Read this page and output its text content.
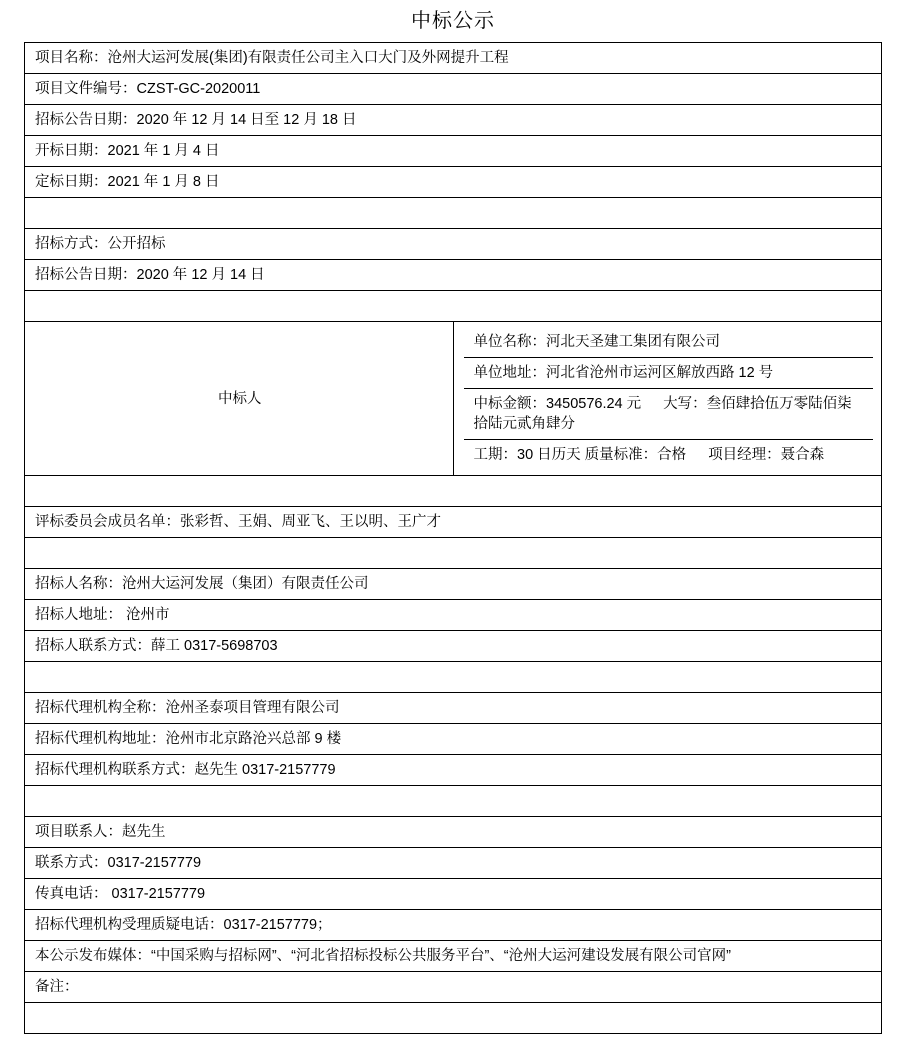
中标公示
项目名称：沧州大运河发展(集团)有限责任公司主入口大门及外网提升工程
项目文件编号：CZST-GC-2020011
招标公告日期：2020 年 12 月 14 日至 12 月 18 日
开标日期：2021 年 1 月 4 日
定标日期：2021 年 1 月 8 日

招标方式：公开招标
招标公告日期：2020 年 12 月 14 日

中标人	
单位名称：河北天圣建工集团有限公司
单位地址：河北省沧州市运河区解放西路 12 号
中标金额：3450576.24 元 大写：叁佰肆拾伍万零陆佰柒拾陆元贰角肆分
工期：30 日历天 质量标准：合格 项目经理：聂合森

评标委员会成员名单：张彩哲、王娟、周亚飞、王以明、王广才

招标人名称：沧州大运河发展（集团）有限责任公司
招标人地址： 沧州市
招标人联系方式：薛工 0317-5698703

招标代理机构全称：沧州圣泰项目管理有限公司
招标代理机构地址：沧州市北京路沧兴总部 9 楼
招标代理机构联系方式：赵先生 0317-2157779

项目联系人：赵先生
联系方式：0317-2157779
传真电话： 0317-2157779
招标代理机构受理质疑电话：0317-2157779；
本公示发布媒体：“中国采购与招标网”、“河北省招标投标公共服务平台”、“沧州大运河建设发展有限公司官网”
备注：
